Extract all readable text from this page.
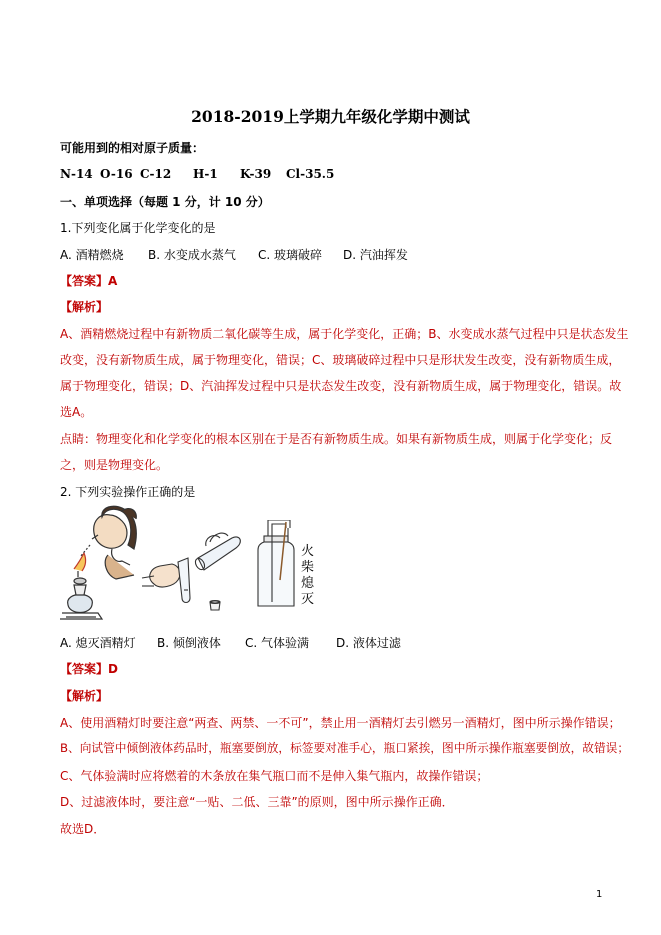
2018-2019上学期九年级化学期中测试
可能用到的相对原子质量：
N-14 O-16 C-12 H-1 K-39 Cl-35.5
一、单项选择（每题 1 分，计 10 分）
1.下列变化属于化学变化的是
A. 酒精燃烧 B. 水变成水蒸气 C. 玻璃破碎 D. 汽油挥发
【答案】A
【解析】
A、酒精燃烧过程中有新物质二氧化碳等生成，属于化学变化，正确；B、水变成水蒸气过程中只是状态发生
改变，没有新物质生成，属于物理变化，错误；C、玻璃破碎过程中只是形状发生改变，没有新物质生成，
属于物理变化，错误；D、汽油挥发过程中只是状态发生改变，没有新物质生成，属于物理变化，错误。故
选A。
点睛：物理变化和化学变化的根本区别在于是否有新物质生成。如果有新物质生成，则属于化学变化；反
之，则是物理变化。
2. 下列实验操作正确的是
火
柴
熄
灭
A. 熄灭酒精灯 B. 倾倒液体 C. 气体验满 D. 液体过滤
【答案】D
【解析】
A、使用酒精灯时要注意“两查、两禁、一不可”，禁止用一酒精灯去引燃另一酒精灯，图中所示操作错误；
B、向试管中倾倒液体药品时，瓶塞要倒放，标签要对准手心，瓶口紧挨，图中所示操作瓶塞要倒放，故错误；
C、气体验满时应将燃着的木条放在集气瓶口而不是伸入集气瓶内，故操作错误；
D、过滤液体时，要注意“一贴、二低、三靠”的原则，图中所示操作正确．
故选D．
1
